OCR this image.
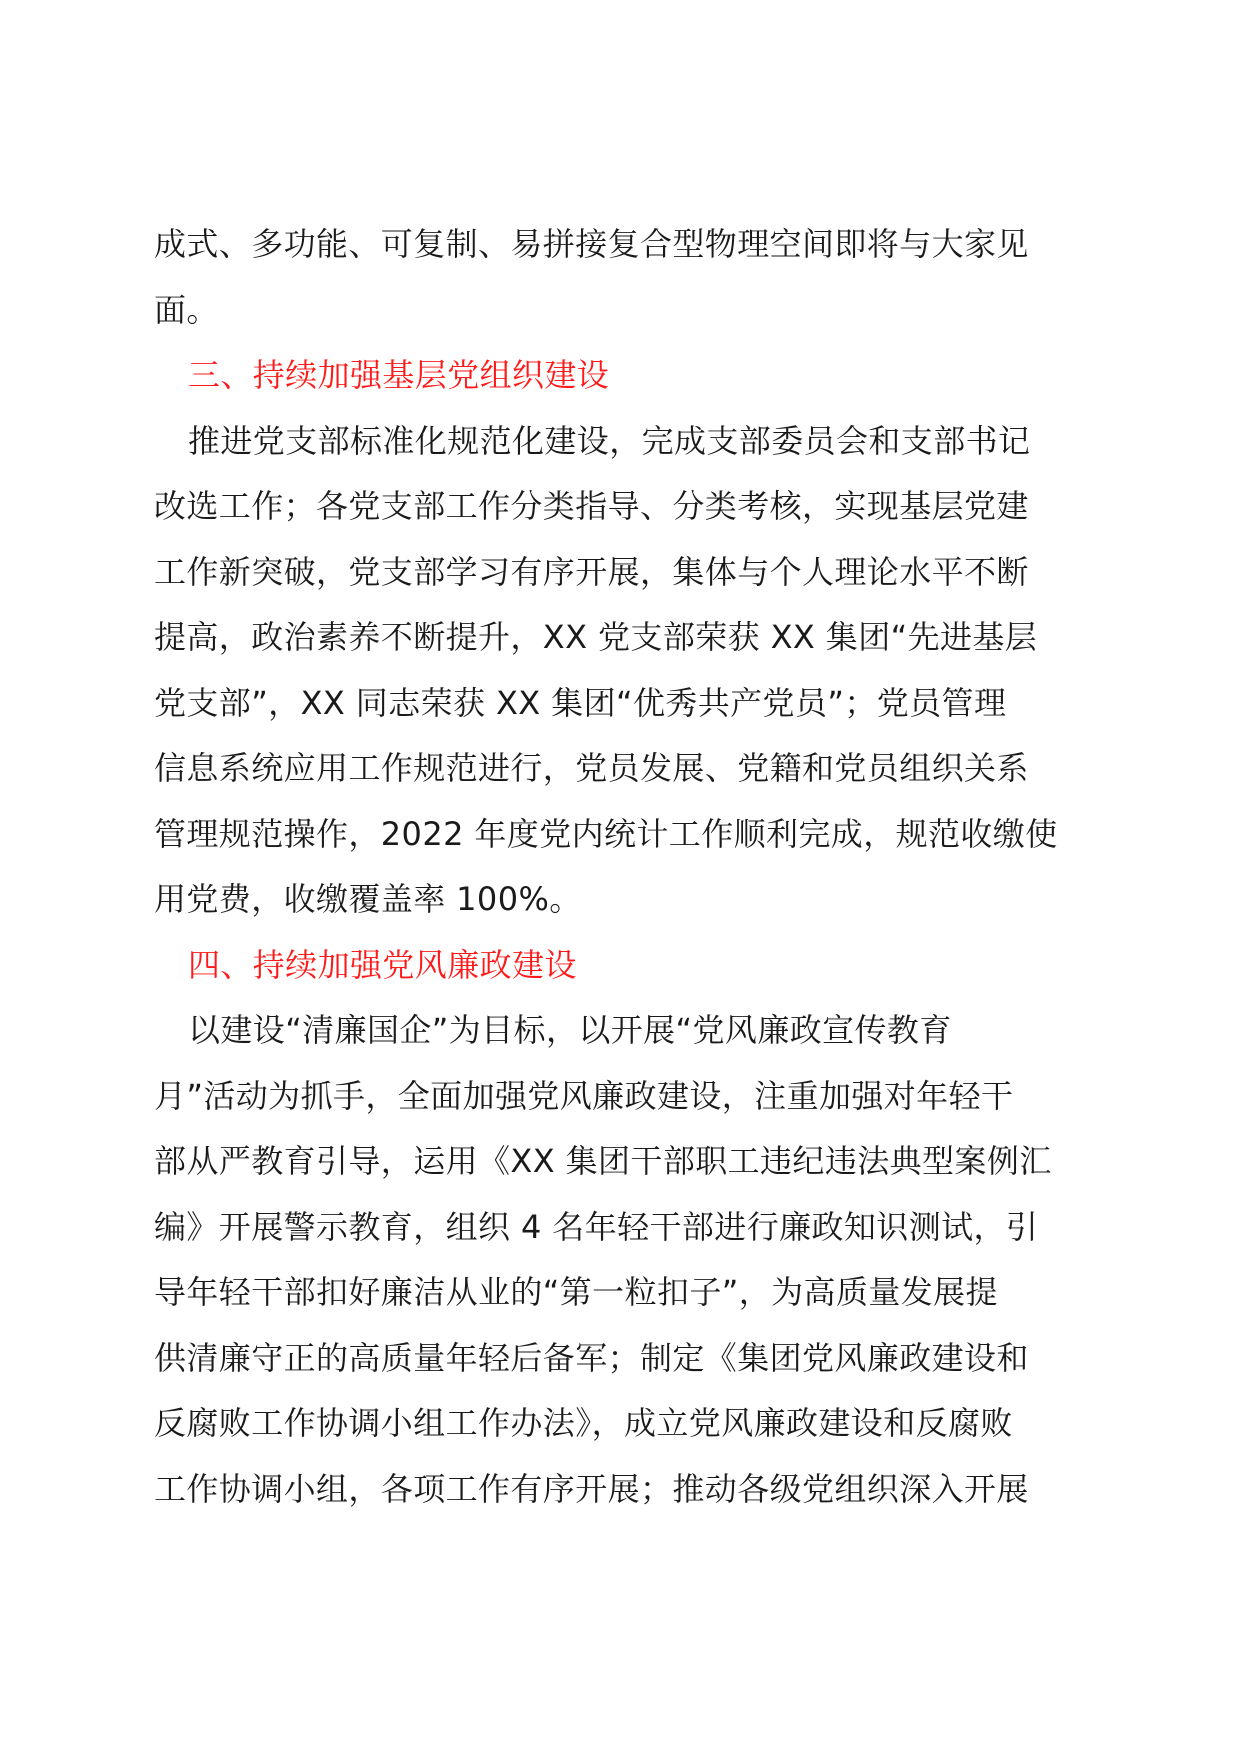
成式、多功能、可复制、易拼接复合型物理空间即将与大家见
面。
三、持续加强基层党组织建设
推进党支部标准化规范化建设，完成支部委员会和支部书记
改选工作；各党支部工作分类指导、分类考核，实现基层党建
工作新突破，党支部学习有序开展，集体与个人理论水平不断
提高，政治素养不断提升，XX 党支部荣获 XX 集团“先进基层
党支部”，XX 同志荣获 XX 集团“优秀共产党员”；党员管理
信息系统应用工作规范进行，党员发展、党籍和党员组织关系
管理规范操作，2022 年度党内统计工作顺利完成，规范收缴使
用党费，收缴覆盖率 100%。
四、持续加强党风廉政建设
以建设“清廉国企”为目标，以开展“党风廉政宣传教育
月”活动为抓手，全面加强党风廉政建设，注重加强对年轻干
部从严教育引导，运用《XX 集团干部职工违纪违法典型案例汇
编》开展警示教育，组织 4 名年轻干部进行廉政知识测试，引
导年轻干部扣好廉洁从业的“第一粒扣子”，为高质量发展提
供清廉守正的高质量年轻后备军；制定《集团党风廉政建设和
反腐败工作协调小组工作办法》，成立党风廉政建设和反腐败
工作协调小组，各项工作有序开展；推动各级党组织深入开展
